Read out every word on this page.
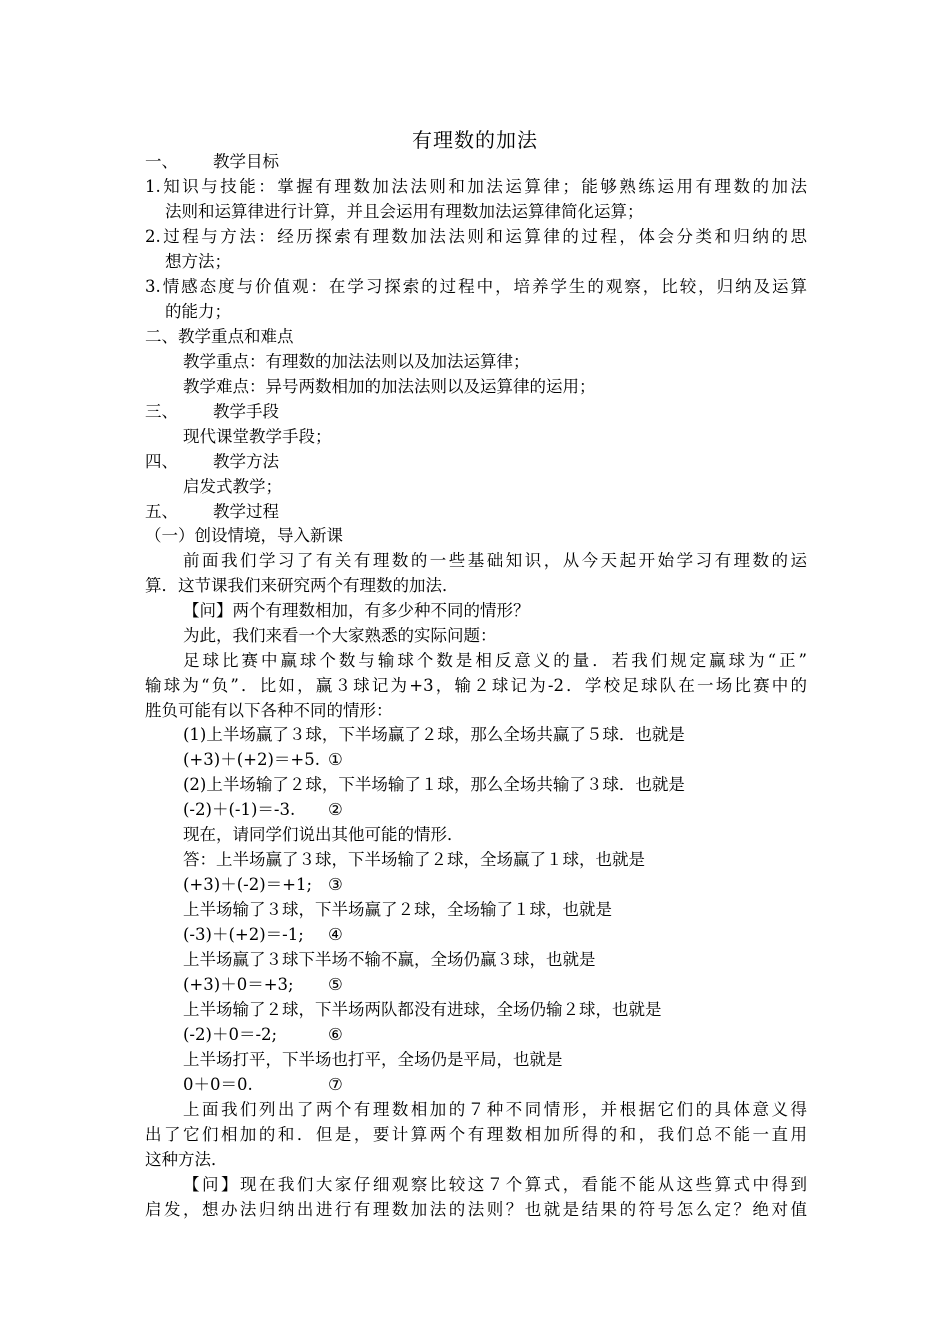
有理数的加法
一、 教学目标
1.知识与技能：掌握有理数加法法则和加法运算律；能够熟练运用有理数的加法
法则和运算律进行计算，并且会运用有理数加法运算律简化运算；
2.过程与方法：经历探索有理数加法法则和运算律的过程，体会分类和归纳的思
想方法；
3.情感态度与价值观：在学习探索的过程中，培养学生的观察，比较，归纳及运算
的能力；
二、教学重点和难点
教学重点：有理数的加法法则以及加法运算律；
教学难点：异号两数相加的加法法则以及运算律的运用；
三、 教学手段
现代课堂教学手段；
四、 教学方法
启发式教学；
五、 教学过程
（一）创设情境，导入新课
前面我们学习了有关有理数的一些基础知识，从今天起开始学习有理数的运
算．这节课我们来研究两个有理数的加法．
【问】两个有理数相加，有多少种不同的情形？
为此，我们来看一个大家熟悉的实际问题：
足球比赛中赢球个数与输球个数是相反意义的量．若我们规定赢球为“正”
输球为“负”．比如，赢３球记为+3，输２球记为-2．学校足球队在一场比赛中的
胜负可能有以下各种不同的情形：
(1)上半场赢了３球，下半场赢了２球，那么全场共赢了５球．也就是
(+3)＋(+2)＝+5. ①
(2)上半场输了２球，下半场输了１球，那么全场共输了３球．也就是
(-2)＋(-1)＝-3. ②
现在，请同学们说出其他可能的情形．
答：上半场赢了３球，下半场输了２球，全场赢了１球，也就是
(+3)＋(-2)＝+1; ③
上半场输了３球，下半场赢了２球，全场输了１球，也就是
(-3)＋(+2)＝-1; ④
上半场赢了３球下半场不输不赢，全场仍赢３球，也就是
(+3)＋0＝+3; ⑤
上半场输了２球，下半场两队都没有进球，全场仍输２球，也就是
(-2)＋0＝-2;	⑥
上半场打平，下半场也打平，全场仍是平局，也就是
0＋0＝0.	⑦
上面我们列出了两个有理数相加的７种不同情形，并根据它们的具体意义得
出了它们相加的和．但是，要计算两个有理数相加所得的和，我们总不能一直用
这种方法．
【问】现在我们大家仔细观察比较这７个算式，看能不能从这些算式中得到
启发，想办法归纳出进行有理数加法的法则？也就是结果的符号怎么定？绝对值
